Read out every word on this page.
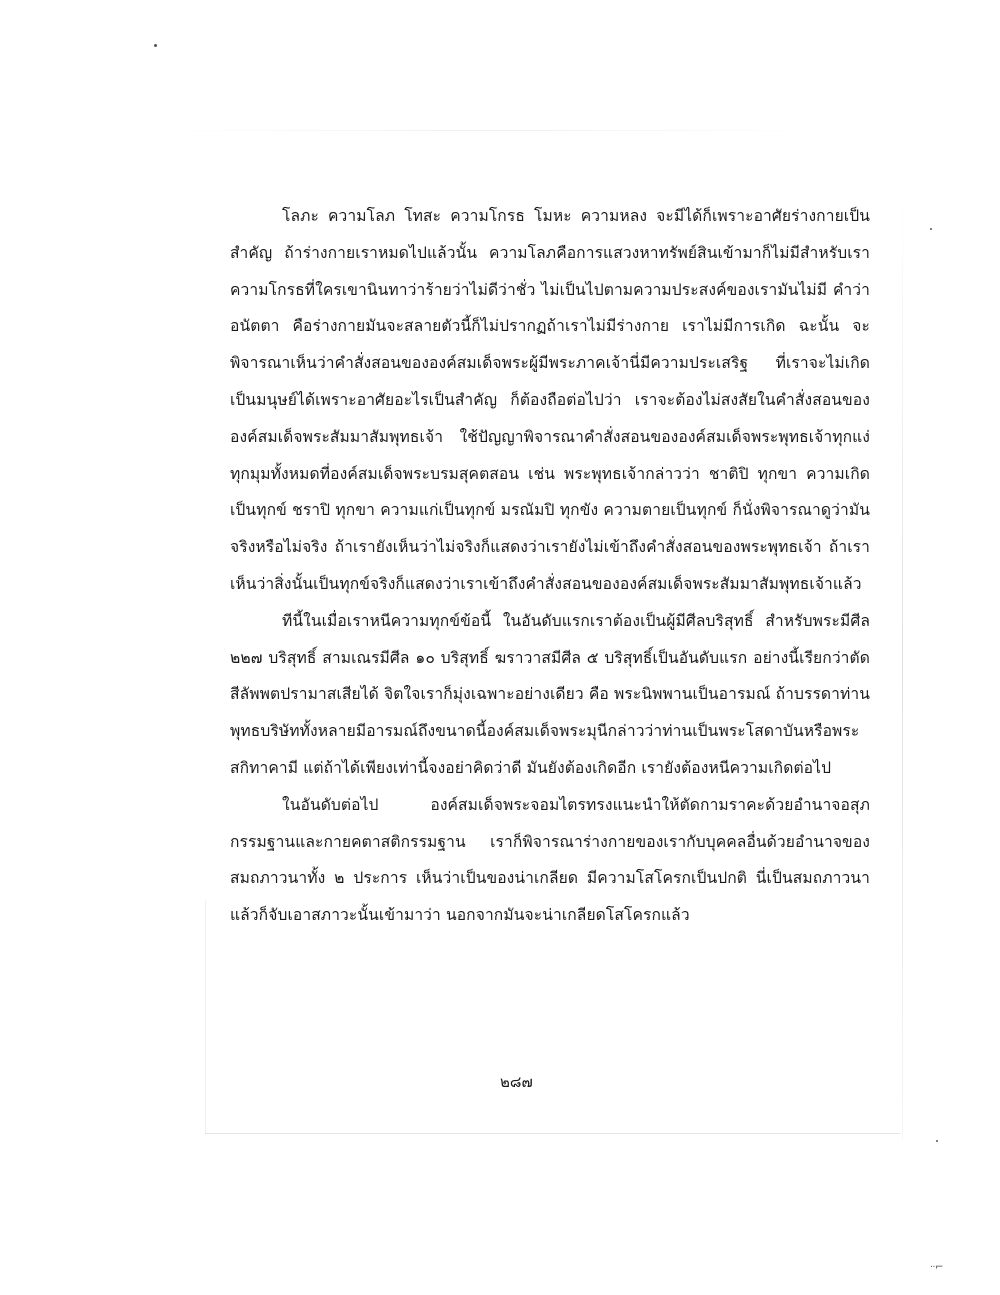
โลภะ ความโลภ โทสะ ความโกรธ โมหะ ความหลง จะมีได้ก็เพราะอาศัยร่างกายเป็นสำคัญ ถ้าร่างกายเราหมดไปแล้วนั้น ความโลภคือการแสวงหาทรัพย์สินเข้ามาก็ไม่มีสำหรับเรา ความโกรธที่ใครเขานินทาว่าร้ายว่าไม่ดีว่าชั่ว ไม่เป็นไปตามความประสงค์ของเรามันไม่มี คำว่าอนัตตา คือร่างกายมันจะสลายตัวนี้ก็ไม่ปรากฏถ้าเราไม่มีร่างกาย เราไม่มีการเกิด ฉะนั้น จะพิจารณาเห็นว่าคำสั่งสอนขององค์สมเด็จพระผู้มีพระภาคเจ้านี่มีความประเสริฐ ที่เราจะไม่เกิดเป็นมนุษย์ได้เพราะอาศัยอะไรเป็นสำคัญ ก็ต้องถือต่อไปว่า เราจะต้องไม่สงสัยในคำสั่งสอนขององค์สมเด็จพระสัมมาสัมพุทธเจ้า ใช้ปัญญาพิจารณาคำสั่งสอนขององค์สมเด็จพระพุทธเจ้าทุกแง่ทุกมุมทั้งหมดที่องค์สมเด็จพระบรมสุคตสอน เช่น พระพุทธเจ้ากล่าวว่า ชาติปิ ทุกขา ความเกิดเป็นทุกข์ ชราปิ ทุกขา ความแก่เป็นทุกข์ มรณัมปิ ทุกขัง ความตายเป็นทุกข์ ก็นั่งพิจารณาดูว่ามันจริงหรือไม่จริง ถ้าเรายังเห็นว่าไม่จริงก็แสดงว่าเรายังไม่เข้าถึงคำสั่งสอนของพระพุทธเจ้า ถ้าเราเห็นว่าสิ่งนั้นเป็นทุกข์จริงก็แสดงว่าเราเข้าถึงคำสั่งสอนขององค์สมเด็จพระสัมมาสัมพุทธเจ้าแล้ว

ทีนี้ในเมื่อเราหนีความทุกข์ข้อนี้ ในอันดับแรกเราต้องเป็นผู้มีศีลบริสุทธิ์ สำหรับพระมีศีล ๒๒๗ บริสุทธิ์ สามเณรมีศีล ๑๐ บริสุทธิ์ ฆราวาสมีศีล ๕ บริสุทธิ์เป็นอันดับแรก อย่างนี้เรียกว่าตัด สีลัพพตปรามาสเสียได้ จิตใจเราก็มุ่งเฉพาะอย่างเดียว คือ พระนิพพานเป็นอารมณ์ ถ้าบรรดาท่านพุทธบริษัททั้งหลายมีอารมณ์ถึงขนาดนี้องค์สมเด็จพระมุนีกล่าวว่าท่านเป็นพระโสดาบันหรือพระสกิทาคามี แต่ถ้าได้เพียงเท่านี้จงอย่าคิดว่าดี มันยังต้องเกิดอีก เรายังต้องหนีความเกิดต่อไป

ในอันดับต่อไป องค์สมเด็จพระจอมไตรทรงแนะนำให้ตัดกามราคะด้วยอำนาจอสุภกรรมฐานและกายคตาสติกรรมฐาน เราก็พิจารณาร่างกายของเรากับบุคคลอื่นด้วยอำนาจของสมถภาวนาทั้ง ๒ ประการ เห็นว่าเป็นของน่าเกลียด มีความโสโครกเป็นปกติ นี่เป็นสมถภาวนา แล้วก็จับเอาสภาวะนั้นเข้ามาว่า นอกจากมันจะน่าเกลียดโสโครกแล้ว

๒๘๗
ᐧᐧ⌐
